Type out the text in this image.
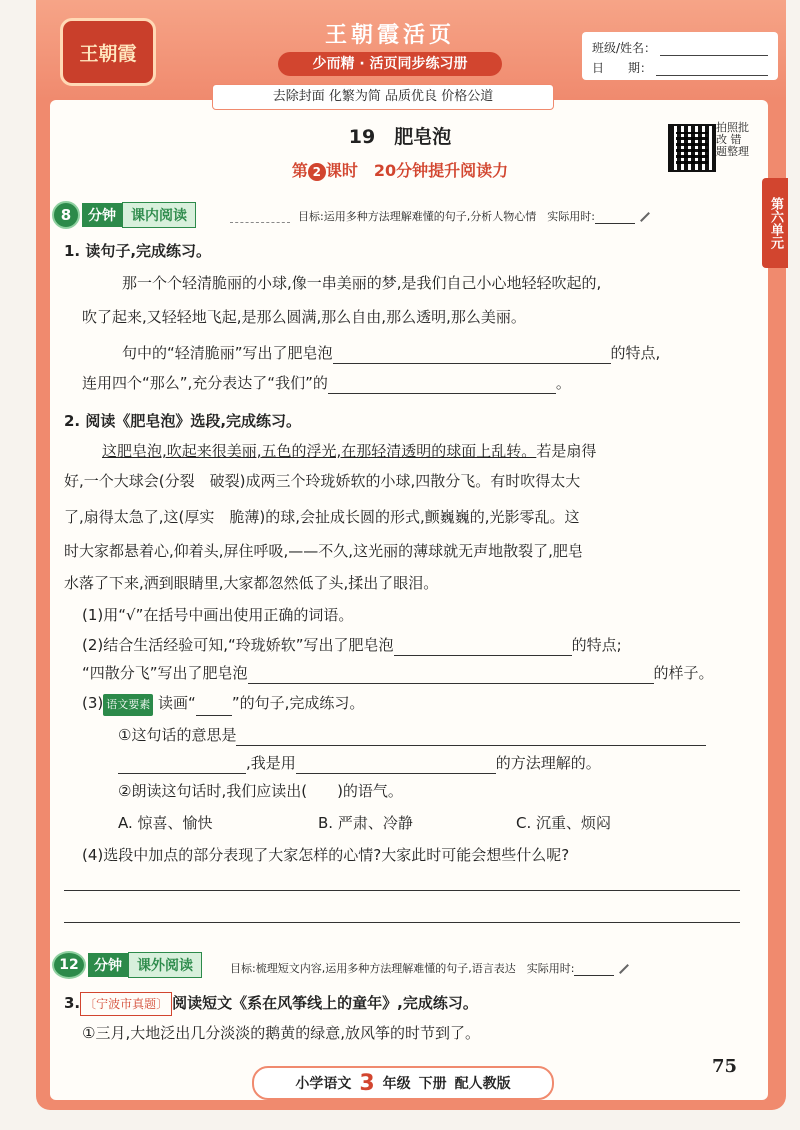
王朝霞
王朝霞活页
少而精 · 活页同步练习册
班级/姓名：
日　　期：
去除封面 化繁为简 品质优良 价格公道
拍照批改 错题整理
第六单元
19　肥皂泡
第 2 课时　20分钟提升阅读力
8	分钟	课内阅读	目标:运用多种方法理解难懂的句子,分析人物心情　实际用时:
1. 读句子,完成练习。
那一个个轻清脆丽的小球,像一串美丽的梦,是我们自己小心地轻轻吹起的,
吹了起来,又轻轻地飞起,是那么圆满,那么自由,那么透明,那么美丽。
句中的“轻清脆丽”写出了肥皂泡	的特点,
连用四个“那么”,充分表达了“我们”的	。
2. 阅读《肥皂泡》选段,完成练习。
这肥皂泡,吹起来很美丽,五色的浮光,在那轻清透明的球面上乱转。若是扇得
好,一个大球会(分裂　破裂)成两三个玲珑娇软的小球,四散分飞。有时吹得太大
了,扇得太急了,这(厚实　脆薄)的球,会扯成长圆的形式,颤巍巍的,光影零乱。这
时大家都悬着心,仰着头,屏住呼吸,——不久,这光丽的薄球就无声地散裂了,肥皂
水落了下来,洒到眼睛里,大家都忽然低了头,揉出了眼泪。
(1)用“√”在括号中画出使用正确的词语。
(2)结合生活经验可知,“玲珑娇软”写出了肥皂泡	的特点;
“四散分飞”写出了肥皂泡	的样子。
(3) 语文要素 读画“ ”的句子,完成练习。
①这句话的意思是
,我是用	的方法理解的。
②朗读这句话时,我们应读出(　　)的语气。
A. 惊喜、愉快	B. 严肃、冷静	C. 沉重、烦闷
(4)选段中加点的部分表现了大家怎样的心情?大家此时可能会想些什么呢?
12	分钟	课外阅读	目标:梳理短文内容,运用多种方法理解难懂的句子,语言表达　实际用时:
3. 〔宁波市真题〕 阅读短文《系在风筝线上的童年》,完成练习。
①三月,大地泛出几分淡淡的鹅黄的绿意,放风筝的时节到了。
小学语文 3 年级 下册 配人教版
75
